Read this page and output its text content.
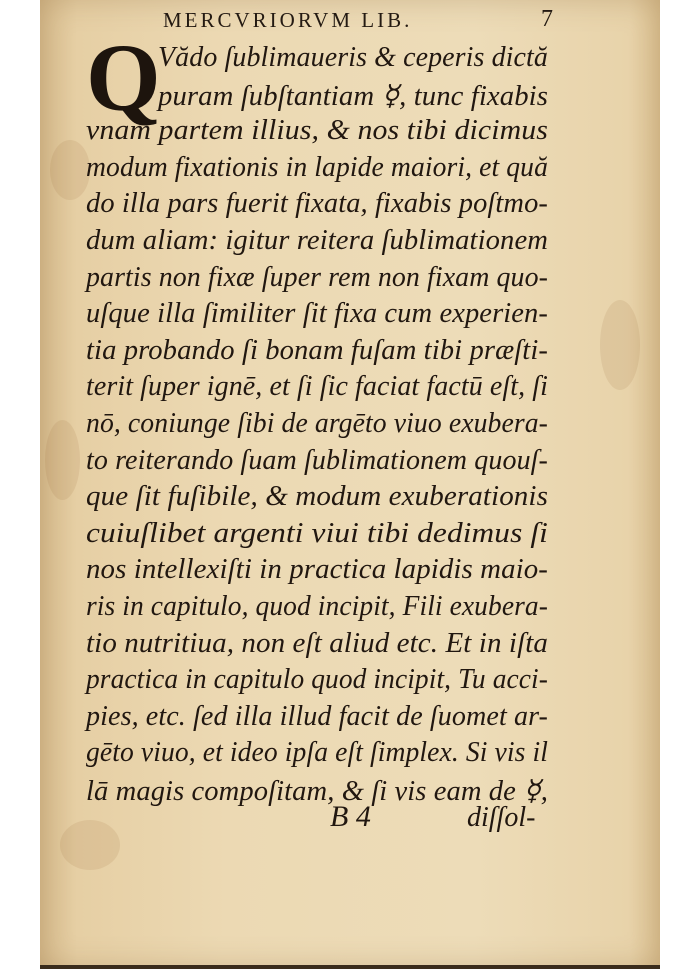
MERCVRIORVM LIB.	7
Q
Vădo ſublimaueris & ceperis dictă
puram ſubſtantiam ☿, tunc fixabis
vnam partem illius, & nos tibi dicimus
modum fixationis in lapide maiori, et quă
do illa pars fuerit fixata, fixabis poſtmo-
dum aliam: igitur reitera ſublimationem
partis non fixæ ſuper rem non fixam quo-
uſque illa ſimiliter ſit fixa cum experien-
tia probando ſi bonam fuſam tibi præſti-
terit ſuper ignē, et ſi ſic faciat factū eſt, ſi
nō, coniunge ſibi de argēto viuo exubera-
to reiterando ſuam ſublimationem quouſ-
que ſit fuſibile, & modum exuberationis
cuiuſlibet argenti viui tibi dedimus ſi
nos intellexiſti in practica lapidis maio-
ris in capitulo, quod incipit, Fili exubera-
tio nutritiua, non eſt aliud etc. Et in iſta
practica in capitulo quod incipit, Tu acci-
pies, etc. ſed illa illud facit de ſuomet ar-
gēto viuo, et ideo ipſa eſt ſimplex. Si vis il
lā magis compoſitam, & ſi vis eam de ☿,
B 4	diſſol-
